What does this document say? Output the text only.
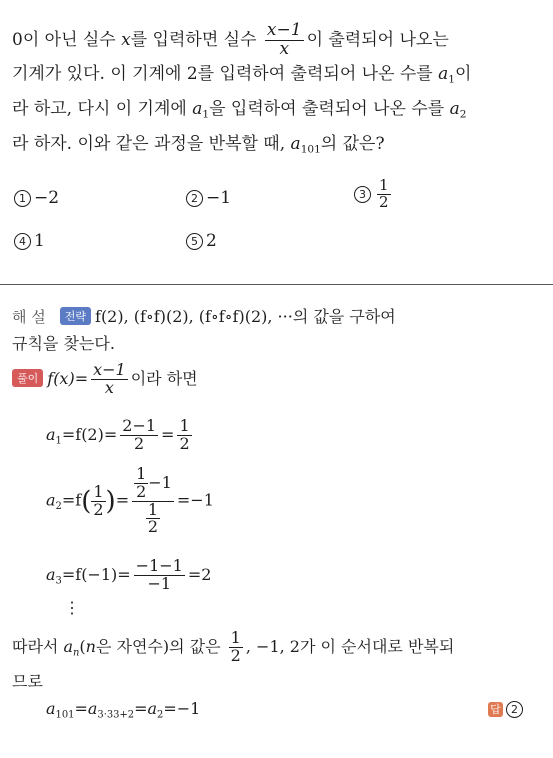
0이 아닌 실수 x를 입력하면 실수 $\frac{x-1}{x}$ 이 출력되어 나오는
기계가 있다. 이 기계에 2를 입력하여 출력되어 나온 수를 $a_1$이
라 하고, 다시 이 기계에 $a_1$을 입력하여 출력되어 나온 수를 $a_2$
라 하자. 이와 같은 과정을 반복할 때, $a_{101}$의 값은?
1 −2	2 −1	$3 \frac{1}{2}$
4 1	5 2
해 설 전략 f(2), (f∘f)(2), (f∘f∘f)(2), ···의 값을 구하여
규칙을 찾는다.
풀이 $f(x)= \frac{x-1}{x}$ 이라 하면
$a_1=f(2)= \frac{2-1}{2} = \frac{1}{2}$
$a_2=f( \frac{1}{2}$ )= $\frac{\frac{1}{2} -1}{\frac{1}{2}} =-1$
$a_3=f(-1)= \frac{-1-1}{-1} =2$
⋮
따라서 $a_n(n$은 자연수)의 값은 $\frac{1}{2}$ , −1, 2가 이 순서대로 반복되
므로
$a_{101}=a_{3\cdot 33+2}=a_2=-1$	답 2
